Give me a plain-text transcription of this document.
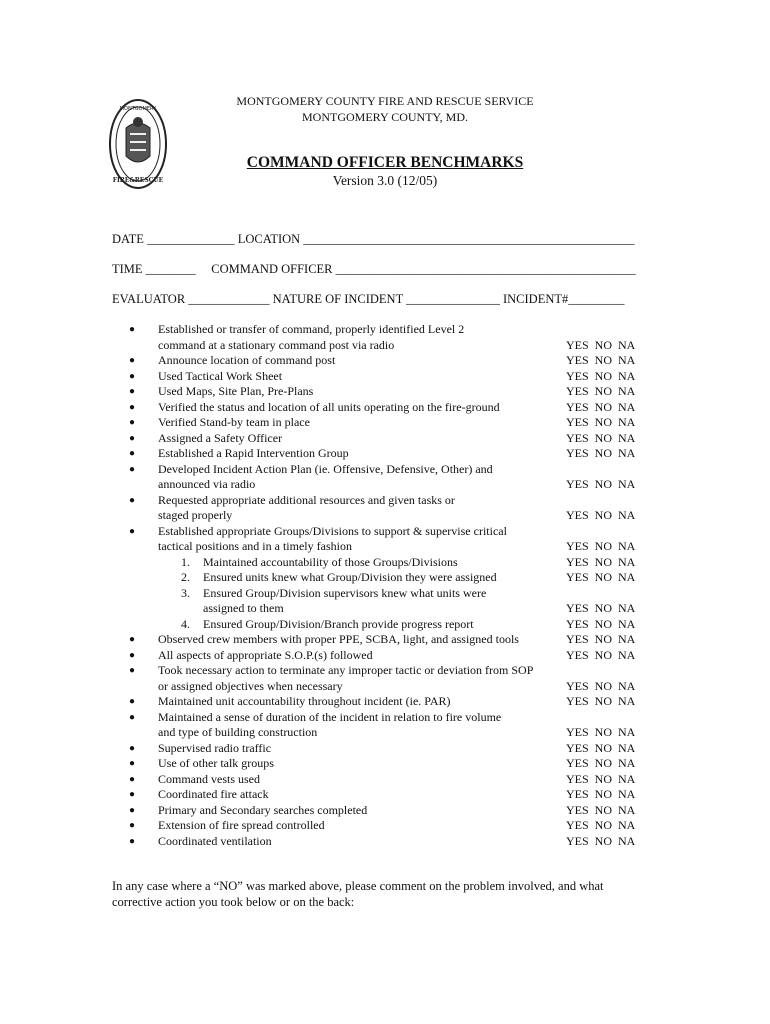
MONTGOMERY
FIRE&RESCUE
MONTGOMERY COUNTY FIRE AND RESCUE SERVICE
MONTGOMERY COUNTY, MD.
COMMAND OFFICER BENCHMARKS
Version 3.0 (12/05)
DATE ______________ LOCATION _____________________________________________________
TIME ________     COMMAND OFFICER ________________________________________________
EVALUATOR _____________ NATURE OF INCIDENT _______________ INCIDENT#_________
● Established or transfer of command, properly identified Level 2
command at a stationary command post via radio	YES NO NA
● Announce location of command post	YES NO NA
● Used Tactical Work Sheet	YES NO NA
● Used Maps, Site Plan, Pre-Plans	YES NO NA
● Verified the status and location of all units operating on the fire-ground	YES NO NA
● Verified Stand-by team in place	YES NO NA
● Assigned a Safety Officer	YES NO NA
● Established a Rapid Intervention Group	YES NO NA
● Developed Incident Action Plan (ie. Offensive, Defensive, Other) and
announced via radio	YES NO NA
● Requested appropriate additional resources and given tasks or
staged properly	YES NO NA
● Established appropriate Groups/Divisions to support & supervise critical
tactical positions and in a timely fashion	YES NO NA
1. Maintained accountability of those Groups/Divisions	YES NO NA
2. Ensured units knew what Group/Division they were assigned	YES NO NA
3. Ensured Group/Division supervisors knew what units were
assigned to them	YES NO NA
4. Ensured Group/Division/Branch provide progress report	YES NO NA
● Observed crew members with proper PPE, SCBA, light, and assigned tools	YES NO NA
● All aspects of appropriate S.O.P.(s) followed	YES NO NA
● Took necessary action to terminate any improper tactic or deviation from SOP
or assigned objectives when necessary	YES NO NA
● Maintained unit accountability throughout incident (ie. PAR)	YES NO NA
● Maintained a sense of duration of the incident in relation to fire volume
and type of building construction	YES NO NA
● Supervised radio traffic	YES NO NA
● Use of other talk groups	YES NO NA
● Command vests used	YES NO NA
● Coordinated fire attack	YES NO NA
● Primary and Secondary searches completed	YES NO NA
● Extension of fire spread controlled	YES NO NA
● Coordinated ventilation	YES NO NA
In any case where a “NO” was marked above, please comment on the problem involved, and what corrective action you took below or on the back:
